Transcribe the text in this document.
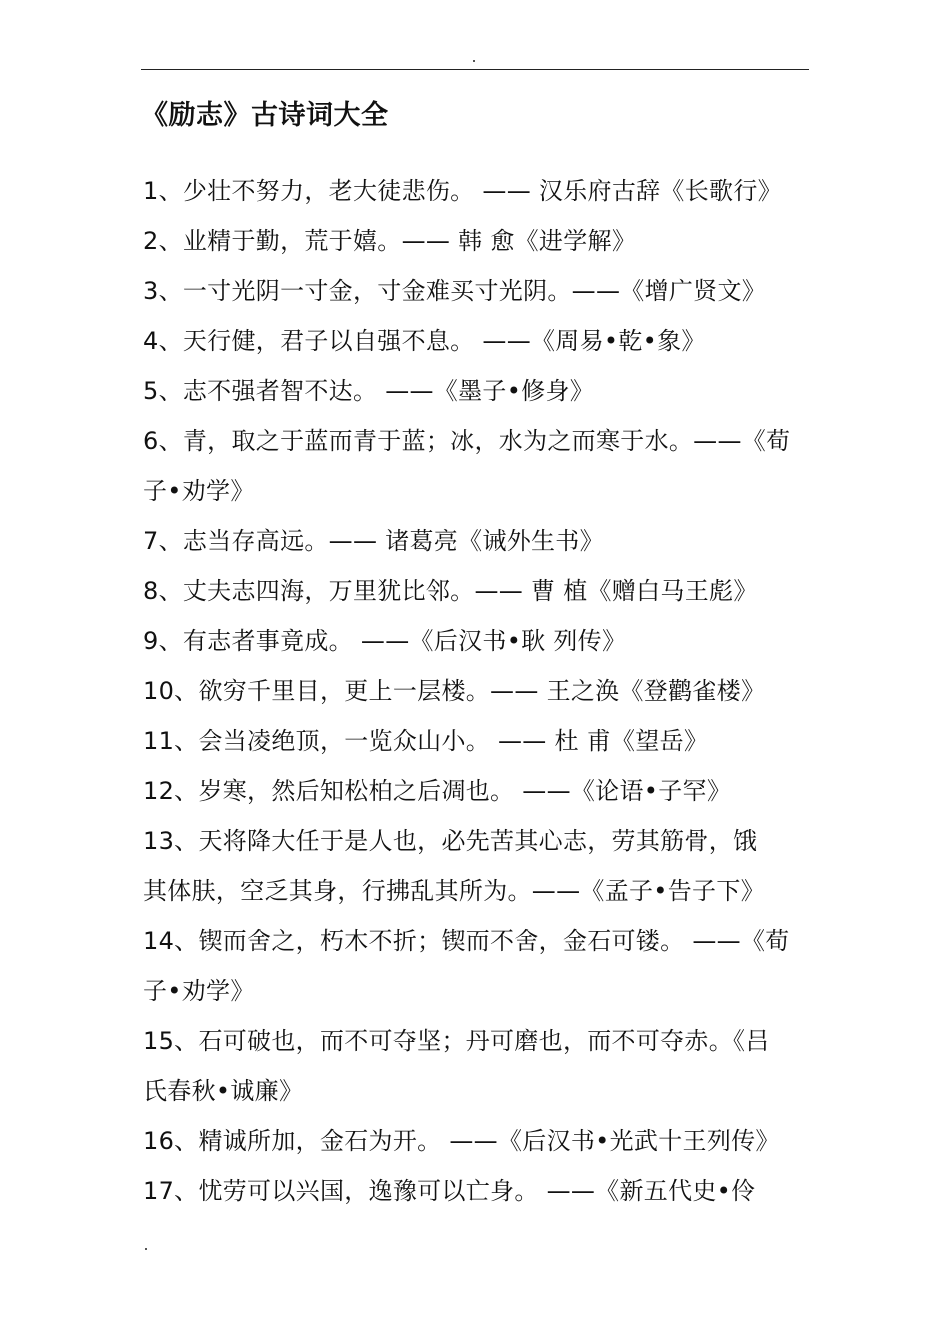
《励志》古诗词大全
1、少壮不努力，老大徒悲伤。 —— 汉乐府古辞《长歌行》
2、业精于勤，荒于嬉。—— 韩 愈《进学解》
3、一寸光阴一寸金，寸金难买寸光阴。——《增广贤文》
4、天行健，君子以自强不息。 ——《周易•乾•象》
5、志不强者智不达。 ——《墨子•修身》
6、青，取之于蓝而青于蓝；冰，水为之而寒于水。——《荀
子•劝学》
7、志当存高远。—— 诸葛亮《诫外生书》
8、丈夫志四海，万里犹比邻。—— 曹 植《赠白马王彪》
9、有志者事竟成。 ——《后汉书•耿 列传》
10、欲穷千里目，更上一层楼。—— 王之涣《登鹳雀楼》
11、会当凌绝顶，一览众山小。 —— 杜 甫《望岳》
12、岁寒，然后知松柏之后凋也。 ——《论语•子罕》
13、天将降大任于是人也，必先苦其心志，劳其筋骨，饿
其体肤，空乏其身，行拂乱其所为。——《孟子•告子下》
14、锲而舍之，朽木不折；锲而不舍，金石可镂。 ——《荀
子•劝学》
15、石可破也，而不可夺坚；丹可磨也，而不可夺赤。《吕
氏春秋•诚廉》
16、精诚所加，金石为开。 ——《后汉书•光武十王列传》
17、忧劳可以兴国，逸豫可以亡身。 ——《新五代史•伶
